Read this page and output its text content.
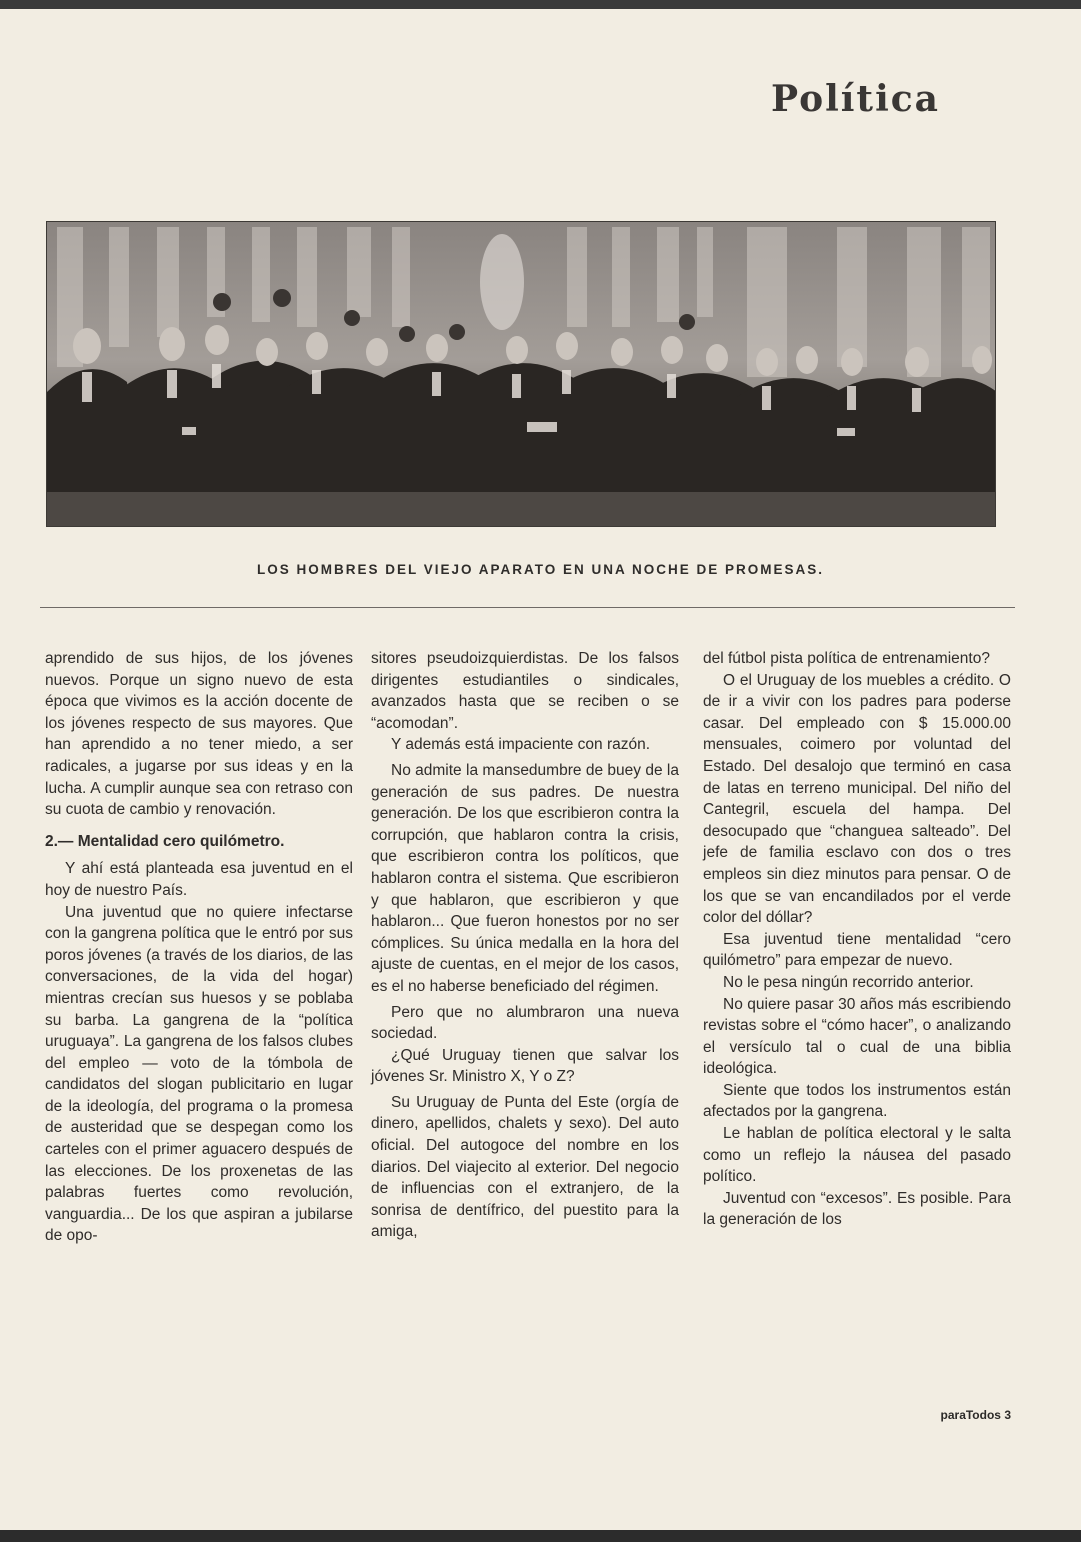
Política
LOS HOMBRES DEL VIEJO APARATO EN UNA NOCHE DE PROMESAS.

aprendido de sus hijos, de los jóvenes nuevos. Porque un signo nuevo de esta época que vivimos es la acción docente de los jóvenes respecto de sus mayores. Que han aprendido a no tener miedo, a ser radicales, a jugarse por sus ideas y en la lucha. A cumplir aunque sea con retraso con su cuota de cambio y renovación.

2.— Mentalidad cero quilómetro.

Y ahí está planteada esa juventud en el hoy de nuestro País.

Una juventud que no quiere infectarse con la gangrena política que le entró por sus poros jóvenes (a través de los diarios, de las conversaciones, de la vida del hogar) mientras crecían sus huesos y se poblaba su barba. La gangrena de la “política uruguaya”. La gangrena de los falsos clubes del empleo — voto de la tómbola de candidatos del slogan publicitario en lugar de la ideología, del programa o la promesa de austeridad que se despegan como los carteles con el primer aguacero después de las elecciones. De los proxenetas de las palabras fuertes como revolución, vanguardia... De los que aspiran a jubilarse de opo-

sitores pseudoizquierdistas. De los falsos dirigentes estudiantiles o sindicales, avanzados hasta que se reciben o se “acomodan”.

Y además está impaciente con razón.

No admite la mansedumbre de buey de la generación de sus padres. De nuestra generación. De los que escribieron contra la corrupción, que hablaron contra la crisis, que escribieron contra los políticos, que hablaron contra el sistema. Que escribieron y que hablaron, que escribieron y que hablaron... Que fueron honestos por no ser cómplices. Su única medalla en la hora del ajuste de cuentas, en el mejor de los casos, es el no haberse beneficiado del régimen.

Pero que no alumbraron una nueva sociedad.

¿Qué Uruguay tienen que salvar los jóvenes Sr. Ministro X, Y o Z?

Su Uruguay de Punta del Este (orgía de dinero, apellidos, chalets y sexo). Del auto oficial. Del autogoce del nombre en los diarios. Del viajecito al exterior. Del negocio de influencias con el extranjero, de la sonrisa de dentífrico, del puestito para la amiga,

del fútbol pista política de entrenamiento?

O el Uruguay de los muebles a crédito. O de ir a vivir con los padres para poderse casar. Del empleado con $ 15.000.00 mensuales, coimero por voluntad del Estado. Del desalojo que terminó en casa de latas en terreno municipal. Del niño del Cantegril, escuela del hampa. Del desocupado que “changuea salteado”. Del jefe de familia esclavo con dos o tres empleos sin diez minutos para pensar. O de los que se van encandilados por el verde color del dóllar?

Esa juventud tiene mentalidad “cero quilómetro” para empezar de nuevo.

No le pesa ningún recorrido anterior.

No quiere pasar 30 años más escribiendo revistas sobre el “cómo hacer”, o analizando el versículo tal o cual de una biblia ideológica.

Siente que todos los instrumentos están afectados por la gangrena.

Le hablan de política electoral y le salta como un reflejo la náusea del pasado político.

Juventud con “excesos”. Es posible. Para la generación de los

paraTodos 3
